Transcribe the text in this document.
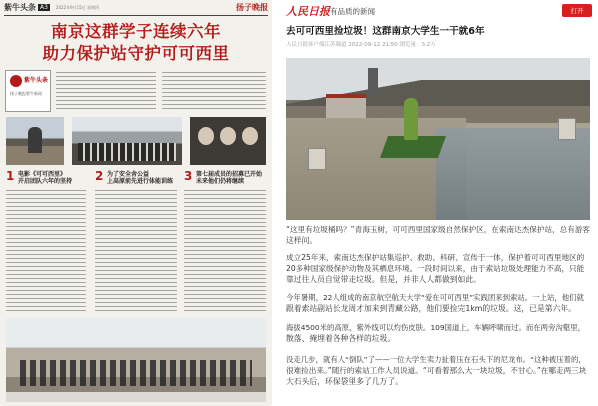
紫牛头条 A3	2022年9月15日 星期四	扬子晚报
南京这群学子连续六年
助力保护站守护可可西里
紫牛头条
扬子晚报紫牛新闻
1 电影《可可西里》
开启团队六年的坚持	2 为了安全舍公益
上高原前先进行体能训练 3 第七届成员的招募已开始
未来他们仍将继续
人民日报 有品质的新闻	打开
去可可西里捡垃圾！这群南京大学生一干就6年
人民日报客户端江苏频道 2022-09-12 21:50 浏览量：3.2万
“这里有垃圾桶吗？”青海玉树，可可西里国家级自然保护区，在索南达杰保护站，总有游客
这样问。
成立25年来，索南达杰保护站集巡护、救助、科研、宣传于一体，保护着可可西里地区的
20多种国家级保护动物及其栖息环境。一段时间以来，由于索站垃圾处理能力不高，只能
靠过往人员自觉带走垃圾。但是，并非人人都做到如此。
今年暑期，22人组成的南京航空航天大学“爱在可可西里”实践团来到索站。一上站，他们就
跟着索站副站长龙周才加来到青藏公路，他们要捡完1km的垃圾。这，已是第六年。
海拔4500米的高原，紫外线可以灼伤皮肤。109国道上，车辆呼啸而过。而在两旁沟壑里，
散落、掩埋着各种各样的垃圾。
没走几步，就有人“倒队”了——一位大学生卖力扯着压在石头下的尼龙布。“这种被压着的，
很难捡出来。”随行的索站工作人员说道。“可看着那么大一块垃圾，不甘心。”在哪走两三块
大石头后，环保袋里多了几万了。
